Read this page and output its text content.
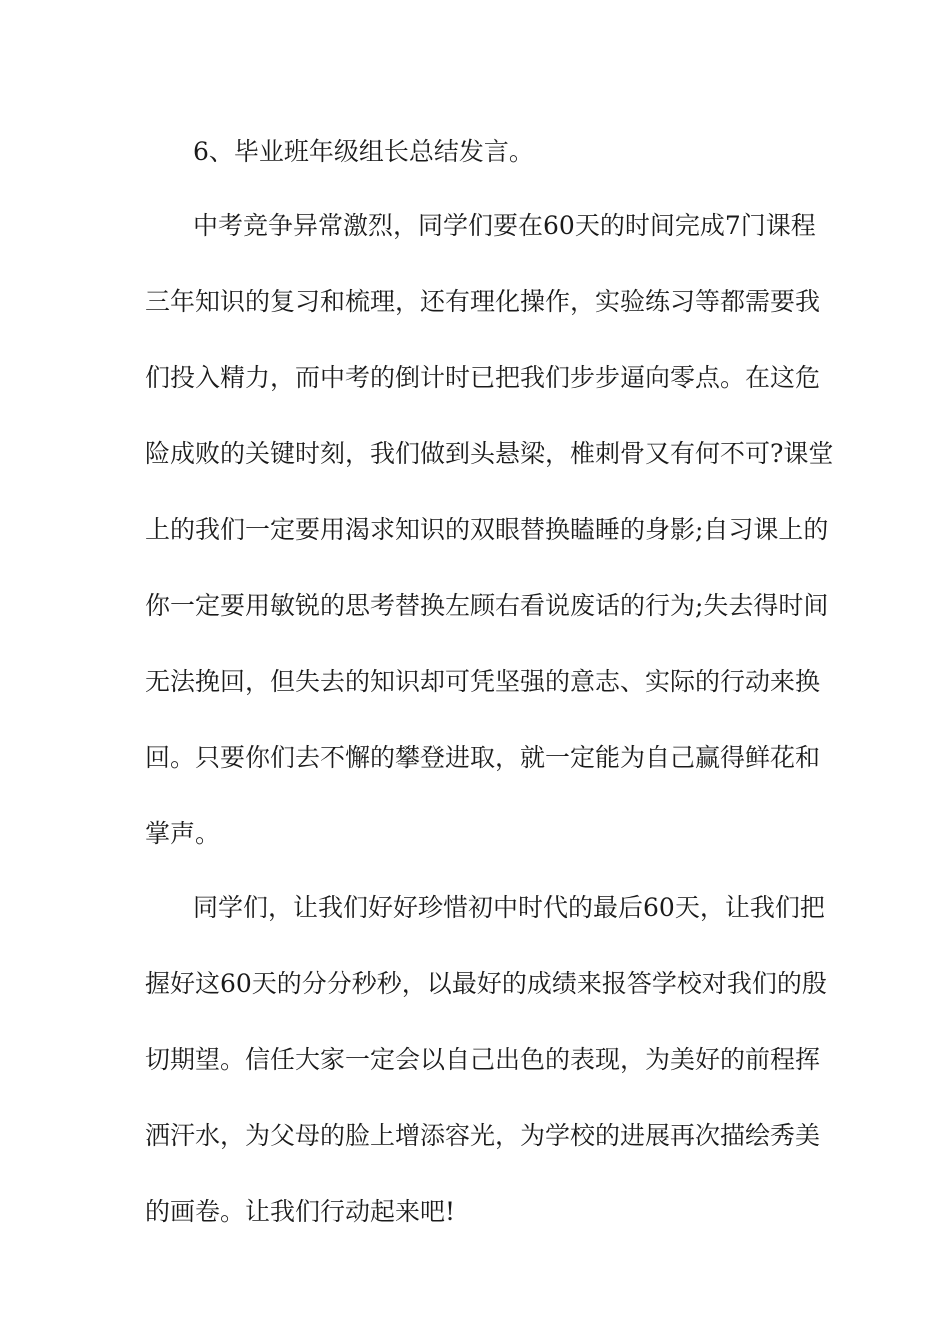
6、毕业班年级组长总结发言。
中考竞争异常激烈，同学们要在60天的时间完成7门课程
三年知识的复习和梳理，还有理化操作，实验练习等都需要我
们投入精力，而中考的倒计时已把我们步步逼向零点。在这危
险成败的关键时刻，我们做到头悬梁，椎刺骨又有何不可?课堂
上的我们一定要用渴求知识的双眼替换瞌睡的身影;自习课上的
你一定要用敏锐的思考替换左顾右看说废话的行为;失去得时间
无法挽回，但失去的知识却可凭坚强的意志、实际的行动来换
回。只要你们去不懈的攀登进取，就一定能为自己赢得鲜花和
掌声。
同学们，让我们好好珍惜初中时代的最后60天，让我们把
握好这60天的分分秒秒，以最好的成绩来报答学校对我们的殷
切期望。信任大家一定会以自己出色的表现，为美好的前程挥
洒汗水，为父母的脸上增添容光，为学校的进展再次描绘秀美
的画卷。让我们行动起来吧!
